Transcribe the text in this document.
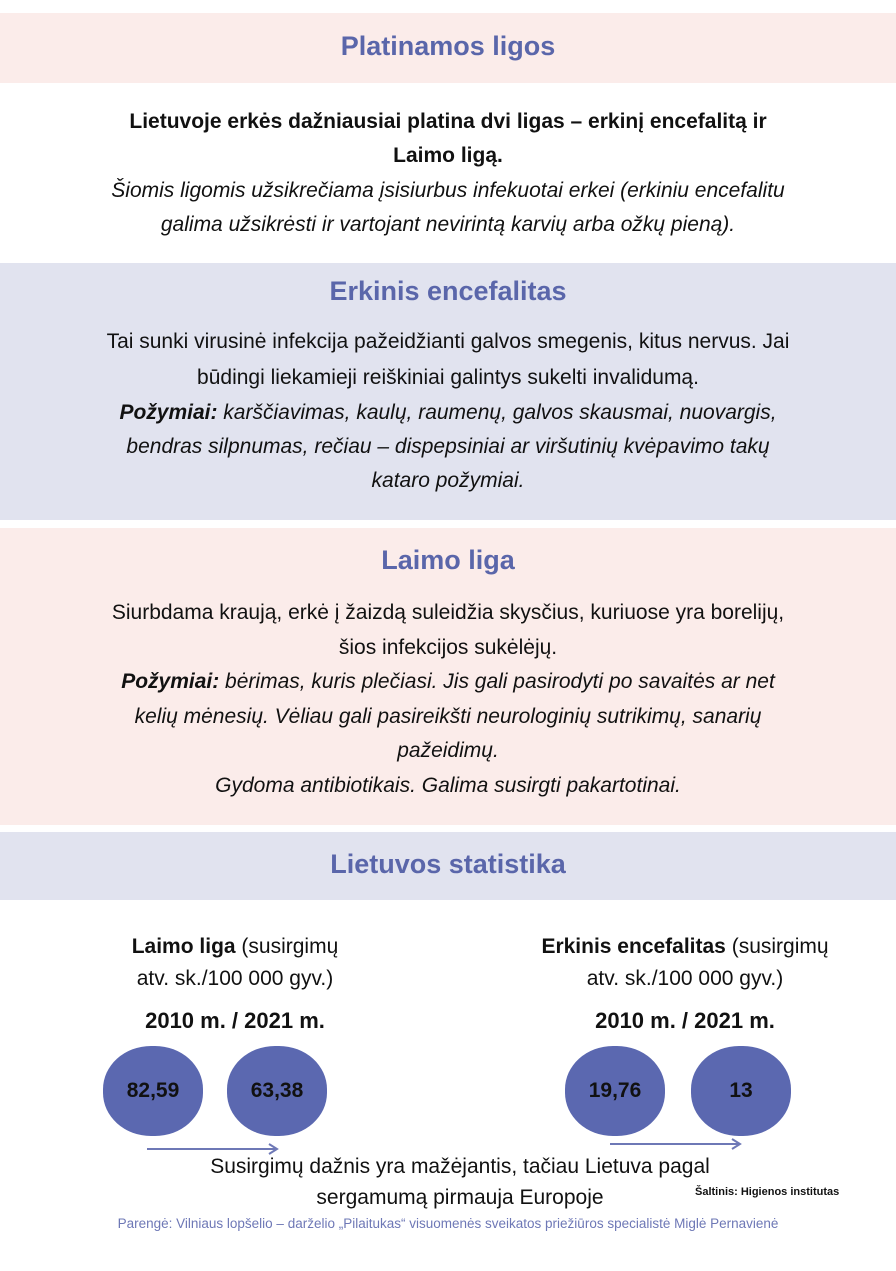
Platinamos ligos
Lietuvoje erkės dažniausiai platina dvi ligas – erkinį encefalitą ir
Laimo ligą.
Šiomis ligomis užsikrečiama įsisiurbus infekuotai erkei (erkiniu encefalitu
galima užsikrėsti ir vartojant nevirintą karvių arba ožkų pieną).
Erkinis encefalitas
Tai sunki virusinė infekcija pažeidžianti galvos smegenis, kitus nervus. Jai
būdingi liekamieji reiškiniai galintys sukelti invalidumą.
Požymiai: karščiavimas, kaulų, raumenų, galvos skausmai, nuovargis,
bendras silpnumas, rečiau – dispepsiniai ar viršutinių kvėpavimo takų
kataro požymiai.
Laimo liga
Siurbdama kraują, erkė į žaizdą suleidžia skysčius, kuriuose yra borelijų,
šios infekcijos sukėlėjų.
Požymiai: bėrimas, kuris plečiasi. Jis gali pasirodyti po savaitės ar net
kelių mėnesių. Vėliau gali pasireikšti neurologinių sutrikimų, sanarių
pažeidimų.
Gydoma antibiotikais. Galima susirgti pakartotinai.
Lietuvos statistika
Laimo liga (susirgimų
atv. sk./100 000 gyv.)
2010 m. / 2021 m.
82,59	63,38
Erkinis encefalitas (susirgimų
atv. sk./100 000 gyv.)
2010 m. / 2021 m.
19,76	13
Susirgimų dažnis yra mažėjantis, tačiau Lietuva pagal
sergamumą pirmauja Europoje	Šaltinis: Higienos institutas
Parengė: Vilniaus lopšelio – darželio „Pilaitukas“ visuomenės sveikatos priežiūros specialistė Miglė Pernavienė
